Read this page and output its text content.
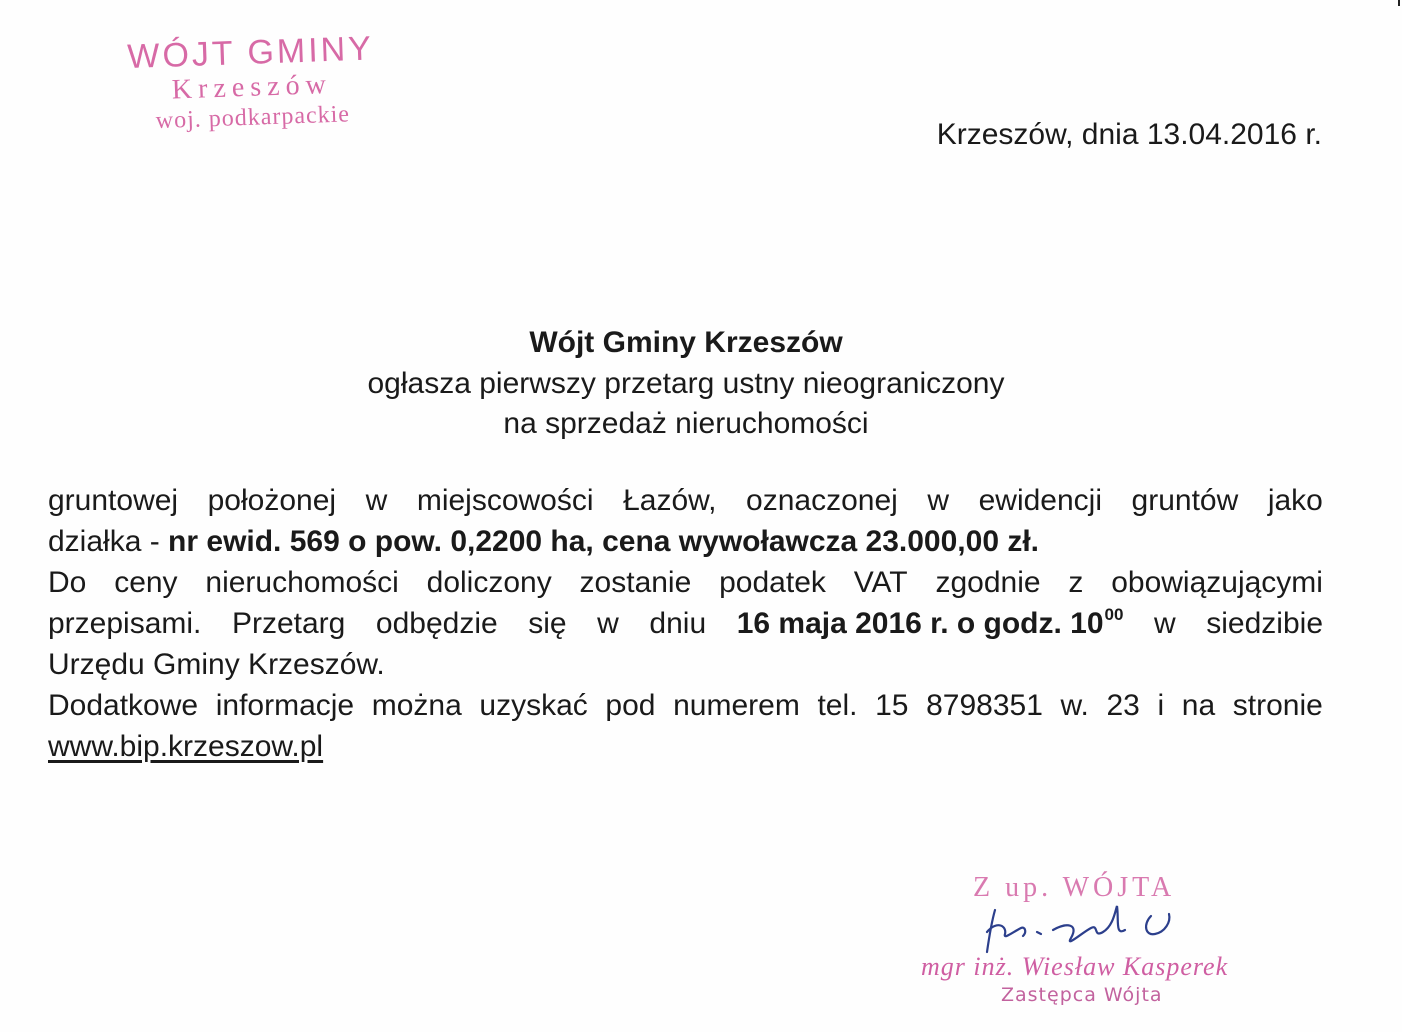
WÓJT GMINY
Krzeszów
woj. podkarpackie
Krzeszów, dnia 13.04.2016 r.
Wójt Gminy Krzeszów
ogłasza pierwszy przetarg ustny nieograniczony
na sprzedaż nieruchomości
gruntowej położonej w miejscowości Łazów, oznaczonej w ewidencji gruntów jako
działka - nr ewid. 569 o pow. 0,2200 ha, cena wywoławcza 23.000,00 zł.
Do ceny nieruchomości doliczony zostanie podatek VAT zgodnie z obowiązującymi
przepisami. Przetarg odbędzie się w dniu 16 maja 2016 r. o godz. $10^{00}$ w siedzibie
Urzędu Gminy Krzeszów.
Dodatkowe informacje można uzyskać pod numerem tel. 15 8798351 w. 23 i na stronie
www.bip.krzeszow.pl
Z up. WÓJTA
mgr inż. Wiesław Kasperek
Zastępca Wójta
